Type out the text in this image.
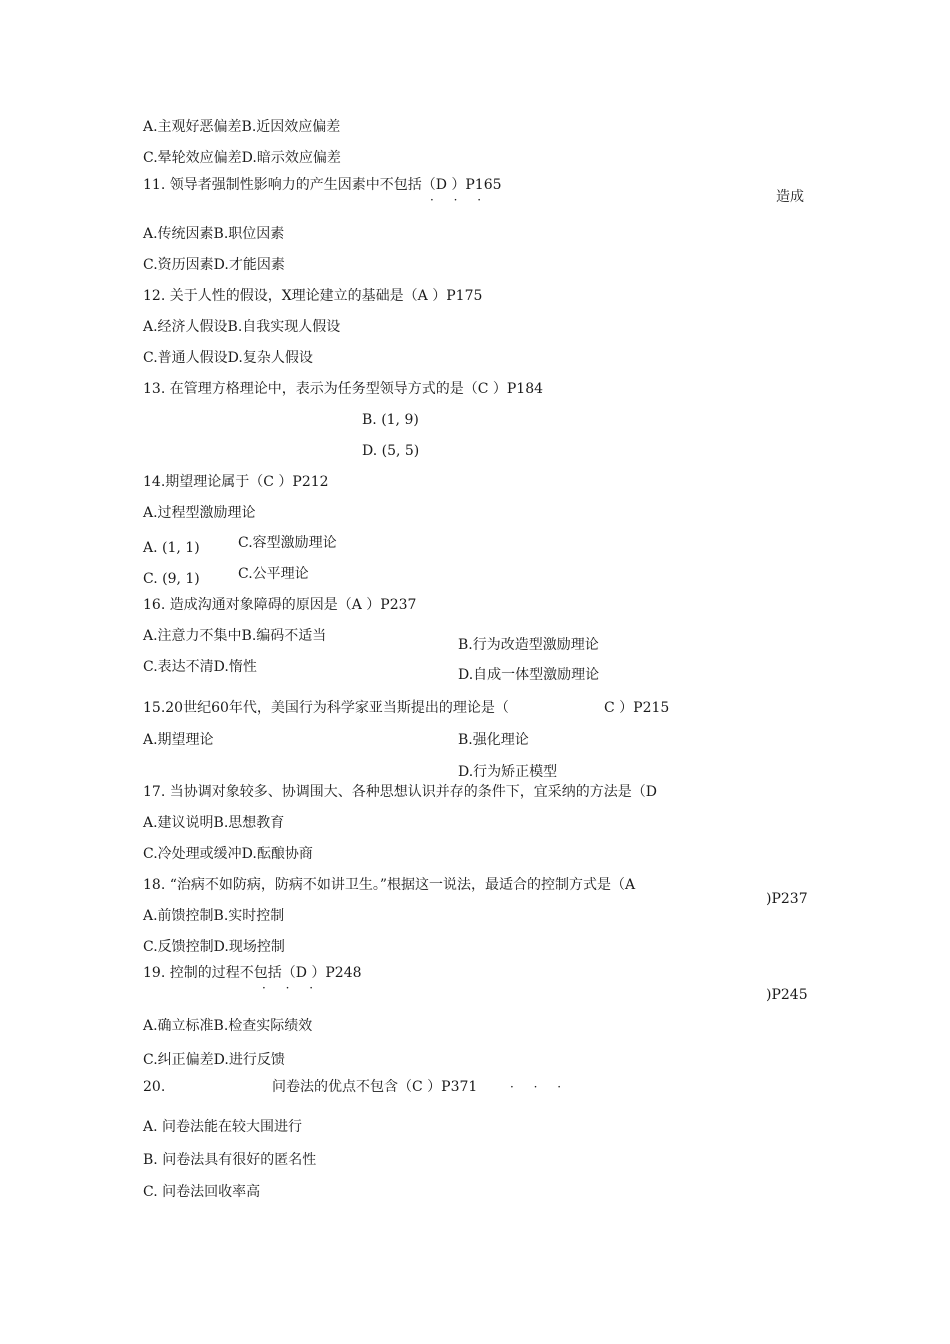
A.主观好恶偏差B.近因效应偏差
C.晕轮效应偏差D.暗示效应偏差
11. 领导者强制性影响力的产生因素中不包括（D ）P165
· · ·	造成
A.传统因素B.职位因素
C.资历因素D.才能因素
12. 关于人性的假设，X理论建立的基础是（A ）P175
A.经济人假设B.自我实现人假设
C.普通人假设D.复杂人假设
13. 在管理方格理论中，表示为任务型领导方式的是（C ）P184
B. (1, 9)
D. (5, 5)
14.期望理论属于（C ）P212
A.过程型激励理论
A. (1, 1)	C.容型激励理论
C. (9, 1)	C.公平理论
16. 造成沟通对象障碍的原因是（A ）P237
A.注意力不集中B.编码不适当
B.行为改造型激励理论
C.表达不清D.惰性	D.自成一体型激励理论
15.20世纪60年代，美国行为科学家亚当斯提出的理论是（	C ）P215
A.期望理论	B.强化理论
D.行为矫正模型
17. 当协调对象较多、协调围大、各种思想认识并存的条件下，宜采纳的方法是（D
A.建议说明B.思想教育
C.冷处理或缓冲D.酝酿协商
18. “治病不如防病，防病不如讲卫生。”根据这一说法，最适合的控制方式是（A
)P237
A.前馈控制B.实时控制
C.反馈控制D.现场控制
19. 控制的过程不包括（D ）P248
· · ·	)P245
A.确立标准B.检查实际绩效
C.纠正偏差D.进行反馈
20.	问卷法的优点不包含（C ）P371	· · ·
A. 问卷法能在较大围进行
B. 问卷法具有很好的匿名性
C. 问卷法回收率高
